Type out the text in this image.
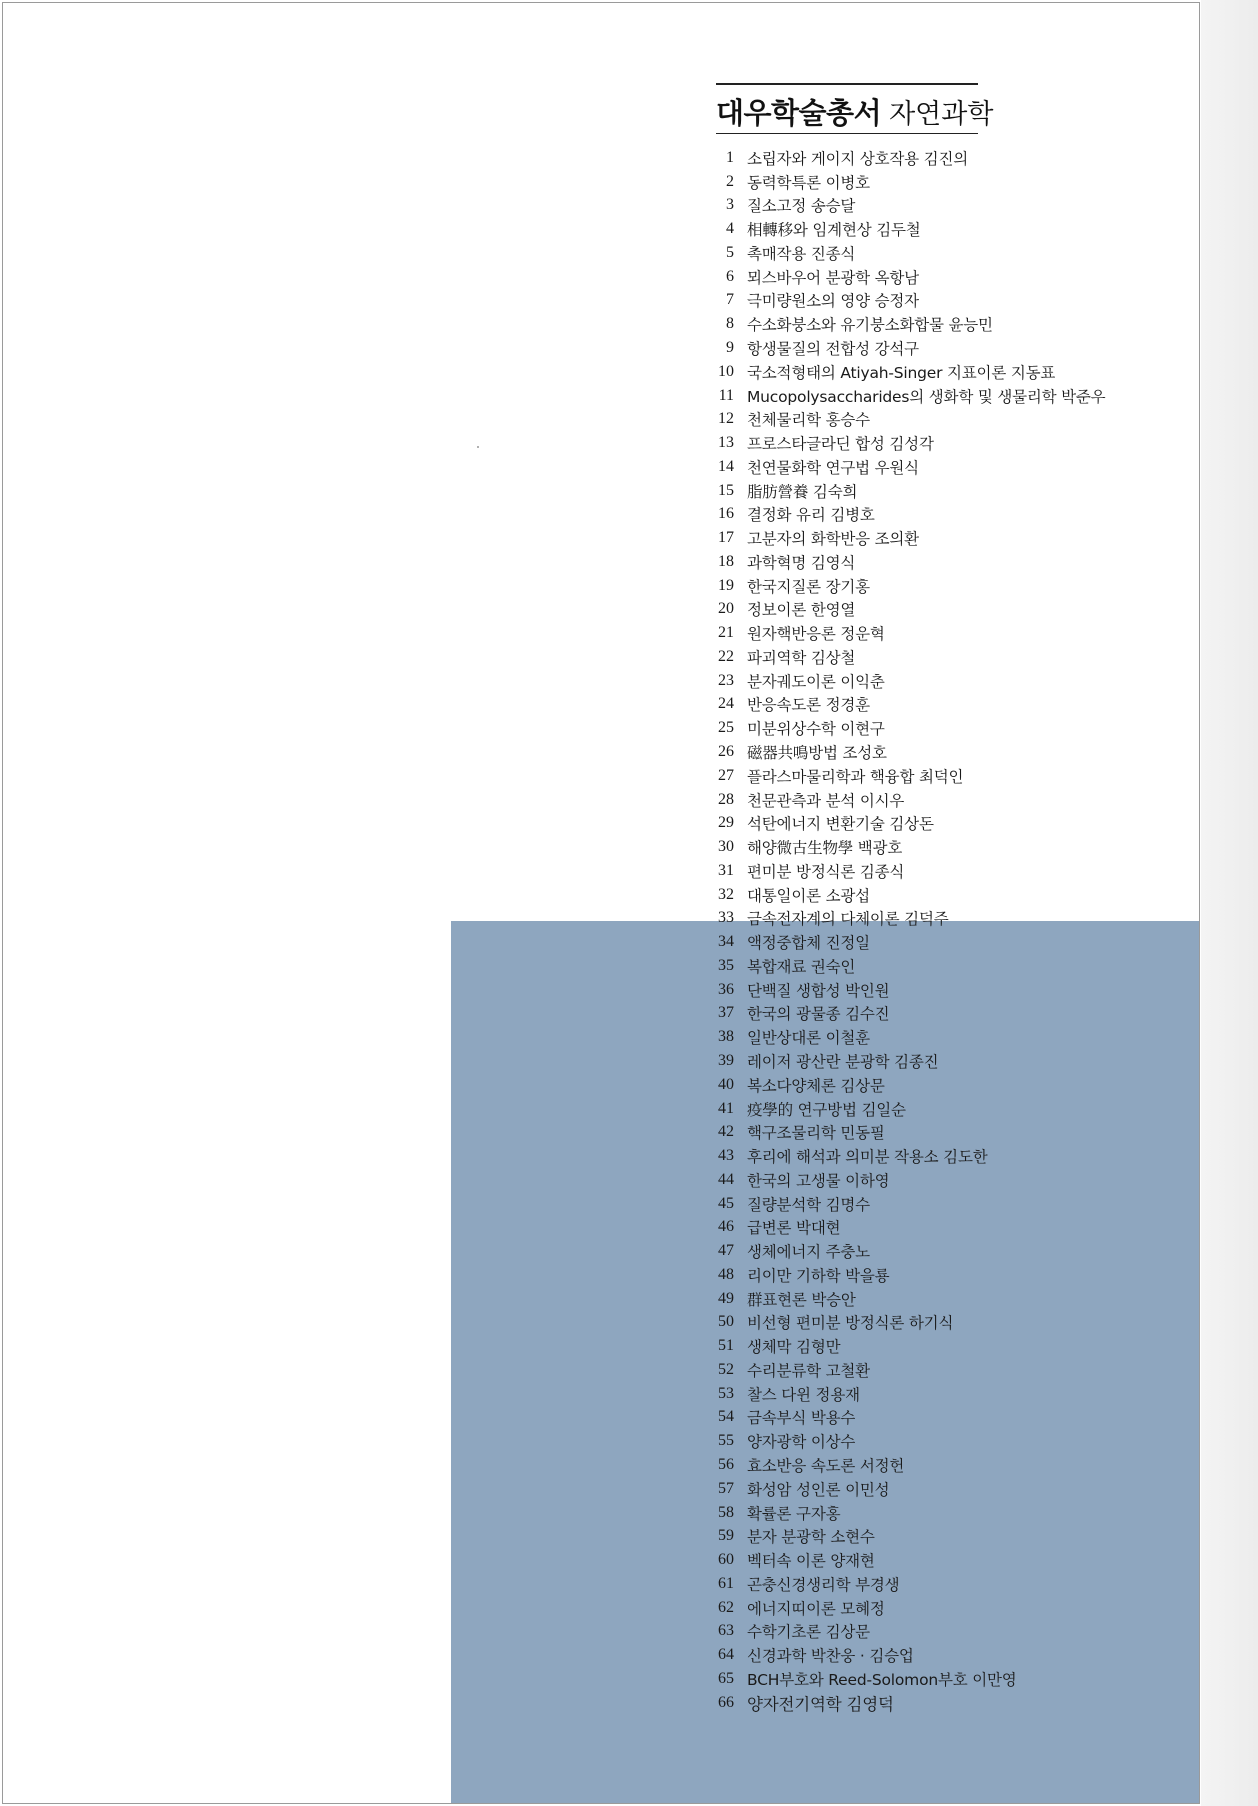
대우학술총서 자연과학
1 소립자와 게이지 상호작용 김진의
2 동력학특론 이병호
3 질소고정 송승달
4 相轉移와 임계현상 김두철
5 촉매작용 진종식
6 뫼스바우어 분광학 옥항남
7 극미량원소의 영양 승정자
8 수소화붕소와 유기붕소화합물 윤능민
9 항생물질의 전합성 강석구
10 국소적형태의 Atiyah-Singer 지표이론 지동표
11 Mucopolysaccharides의 생화학 및 생물리학 박준우
12 천체물리학 홍승수
13 프로스타글라딘 합성 김성각
14 천연물화학 연구법 우원식
15 脂肪營養 김숙희
16 결정화 유리 김병호
17 고분자의 화학반응 조의환
18 과학혁명 김영식
19 한국지질론 장기홍
20 정보이론 한영열
21 원자핵반응론 정운혁
22 파괴역학 김상철
23 분자궤도이론 이익춘
24 반응속도론 정경훈
25 미분위상수학 이현구
26 磁器共鳴방법 조성호
27 플라스마물리학과 핵융합 최덕인
28 천문관측과 분석 이시우
29 석탄에너지 변환기술 김상돈
30 해양微古生物學 백광호
31 편미분 방정식론 김종식
32 대통일이론 소광섭
33 금속전자계의 다체이론 김덕주
34 액정중합체 진정일
35 복합재료 권숙인
36 단백질 생합성 박인원
37 한국의 광물종 김수진
38 일반상대론 이철훈
39 레이저 광산란 분광학 김종진
40 복소다양체론 김상문
41 疫學的 연구방법 김일순
42 핵구조물리학 민동필
43 후리에 해석과 의미분 작용소 김도한
44 한국의 고생물 이하영
45 질량분석학 김명수
46 급변론 박대현
47 생체에너지 주충노
48 리이만 기하학 박을룡
49 群표현론 박승안
50 비선형 편미분 방정식론 하기식
51 생체막 김형만
52 수리분류학 고철환
53 찰스 다윈 정용재
54 금속부식 박용수
55 양자광학 이상수
56 효소반응 속도론 서정헌
57 화성암 성인론 이민성
58 확률론 구자홍
59 분자 분광학 소현수
60 벡터속 이론 양재현
61 곤충신경생리학 부경생
62 에너지띠이론 모혜정
63 수학기초론 김상문
64 신경과학 박찬웅 · 김승업
65 BCH부호와 Reed-Solomon부호 이만영
66 양자전기역학 김영덕
